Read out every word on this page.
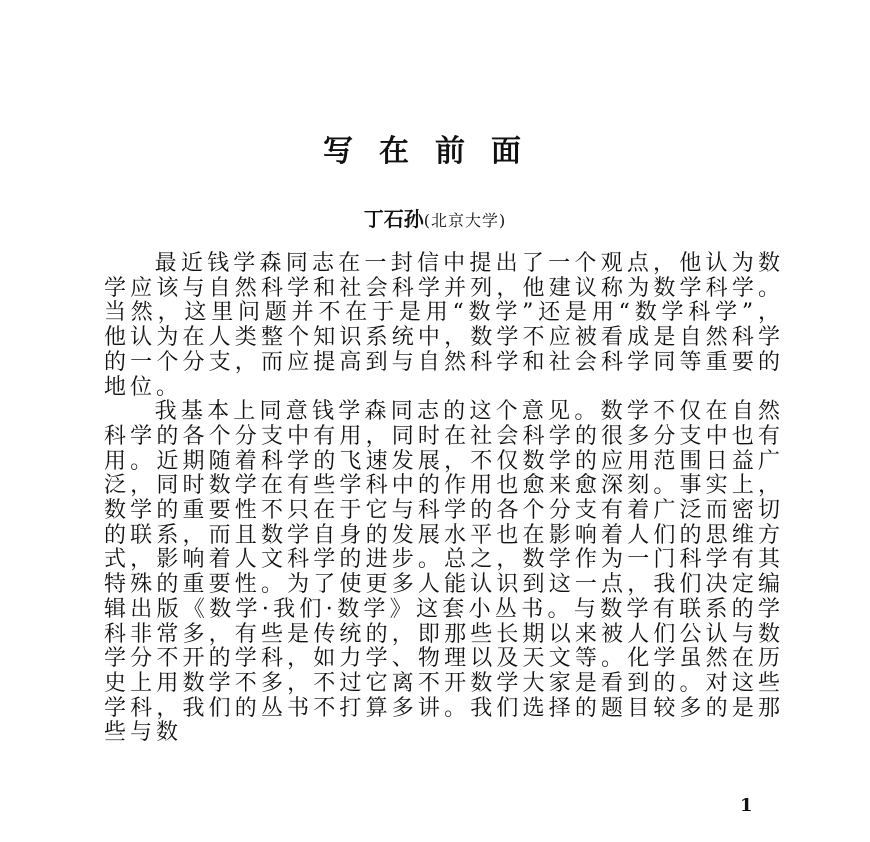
写在前面
丁石孙(北京大学)

最近钱学森同志在一封信中提出了一个观点，他认为数学应该与自然科学和社会科学并列，他建议称为数学科学。当然，这里问题并不在于是用“数学”还是用“数学科学”，他认为在人类整个知识系统中，数学不应被看成是自然科学的一个分支，而应提高到与自然科学和社会科学同等重要的地位。

我基本上同意钱学森同志的这个意见。数学不仅在自然科学的各个分支中有用，同时在社会科学的很多分支中也有用。近期随着科学的飞速发展，不仅数学的应用范围日益广泛，同时数学在有些学科中的作用也愈来愈深刻。事实上，数学的重要性不只在于它与科学的各个分支有着广泛而密切的联系，而且数学自身的发展水平也在影响着人们的思维方式，影响着人文科学的进步。总之，数学作为一门科学有其特殊的重要性。为了使更多人能认识到这一点，我们决定编辑出版《数学·我们·数学》这套小丛书。与数学有联系的学科非常多，有些是传统的，即那些长期以来被人们公认与数学分不开的学科，如力学、物理以及天文等。化学虽然在历史上用数学不多，不过它离不开数学大家是看到的。对这些学科，我们的丛书不打算多讲。我们选择的题目较多的是那些与数

1
